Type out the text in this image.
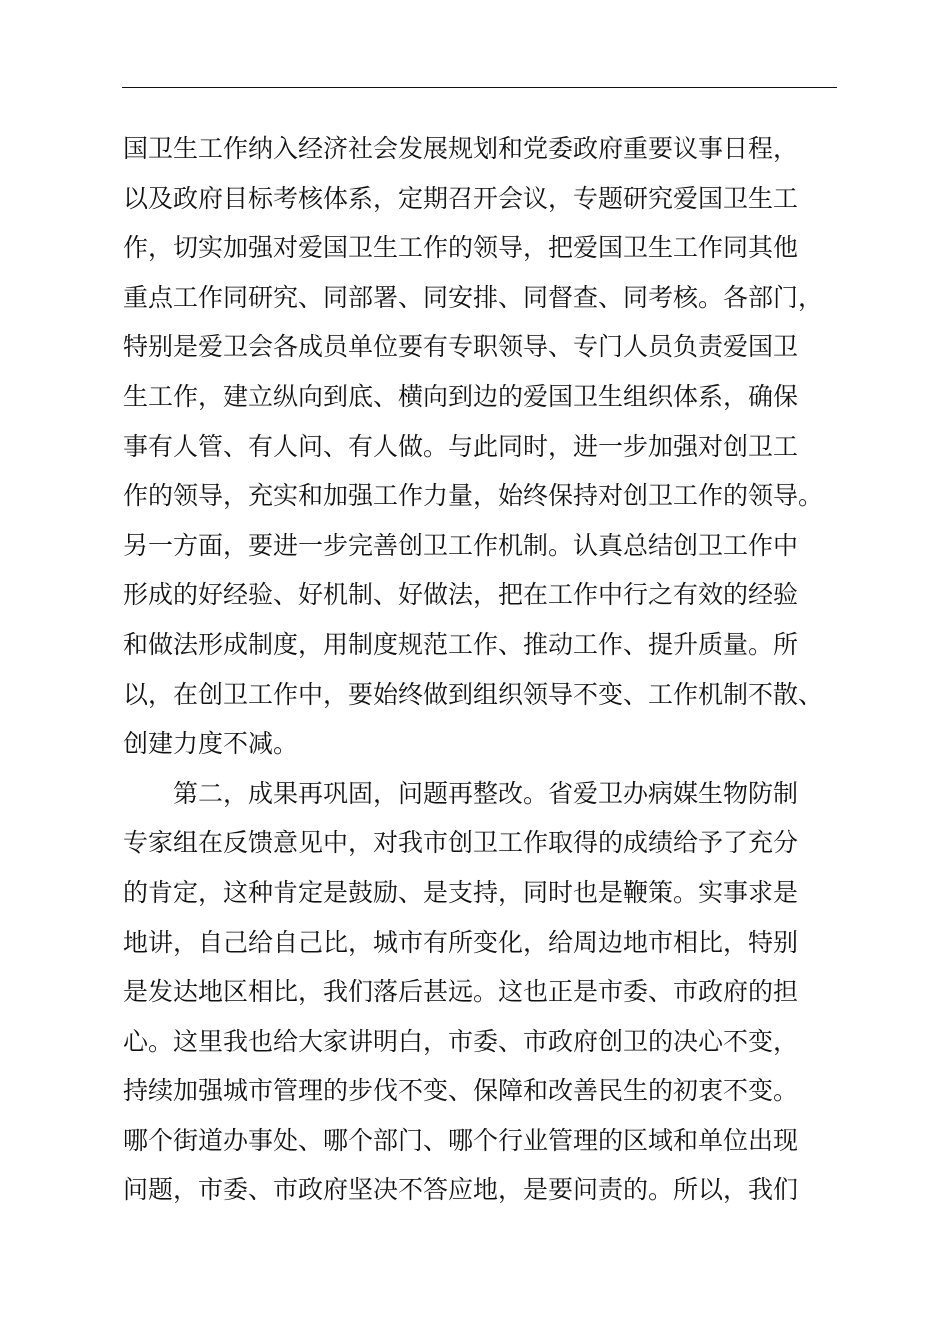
国卫生工作纳入经济社会发展规划和党委政府重要议事日程，
以及政府目标考核体系，定期召开会议，专题研究爱国卫生工
作，切实加强对爱国卫生工作的领导，把爱国卫生工作同其他
重点工作同研究、同部署、同安排、同督查、同考核。各部门，
特别是爱卫会各成员单位要有专职领导、专门人员负责爱国卫
生工作，建立纵向到底、横向到边的爱国卫生组织体系，确保
事有人管、有人问、有人做。与此同时，进一步加强对创卫工
作的领导，充实和加强工作力量，始终保持对创卫工作的领导。
另一方面，要进一步完善创卫工作机制。认真总结创卫工作中
形成的好经验、好机制、好做法，把在工作中行之有效的经验
和做法形成制度，用制度规范工作、推动工作、提升质量。所
以，在创卫工作中，要始终做到组织领导不变、工作机制不散、
创建力度不减。
　　第二，成果再巩固，问题再整改。省爱卫办病媒生物防制
专家组在反馈意见中，对我市创卫工作取得的成绩给予了充分
的肯定，这种肯定是鼓励、是支持，同时也是鞭策。实事求是
地讲，自己给自己比，城市有所变化，给周边地市相比，特别
是发达地区相比，我们落后甚远。这也正是市委、市政府的担
心。这里我也给大家讲明白，市委、市政府创卫的决心不变，
持续加强城市管理的步伐不变、保障和改善民生的初衷不变。
哪个街道办事处、哪个部门、哪个行业管理的区域和单位出现
问题，市委、市政府坚决不答应地，是要问责的。所以，我们
